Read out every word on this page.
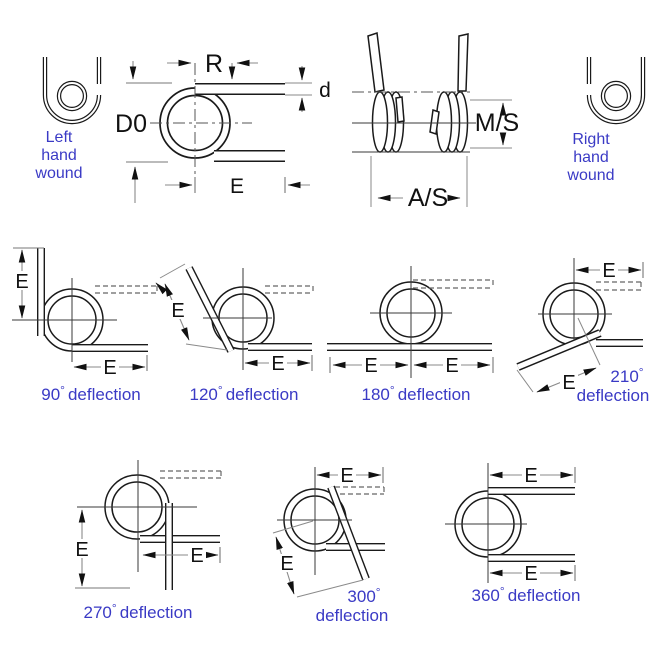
Left
hand
wound
R
d
D0
E
M/S
A/S
Right
hand
wound
E
E
90° deflection
E
E
120° deflection
E	E
180° deflection
E
E 210°
deflection
E	E
270° deflection
E
E
300°
deflection
E
E
360° deflection
